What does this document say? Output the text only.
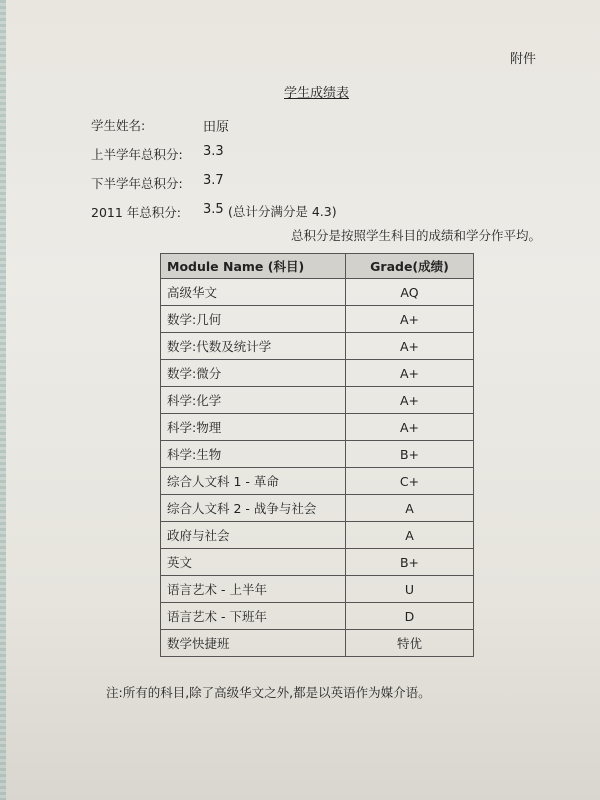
附件
学生成绩表
学生姓名:	田原
上半学年总积分: 3.3
下半学年总积分: 3.7
2011 年总积分: 3.5 (总计分满分是 4.3)
总积分是按照学生科目的成绩和学分作平均。
Module Name (科目)	Grade(成绩)
高级华文	AQ
数学:几何	A+
数学:代数及统计学	A+
数学:微分	A+
科学:化学	A+
科学:物理	A+
科学:生物	B+
综合人文科 1 - 革命	C+
综合人文科 2 - 战争与社会	A
政府与社会	A
英文	B+
语言艺术 - 上半年	U
语言艺术 - 下班年	D
数学快捷班	特优
注:所有的科目,除了高级华文之外,都是以英语作为媒介语。
